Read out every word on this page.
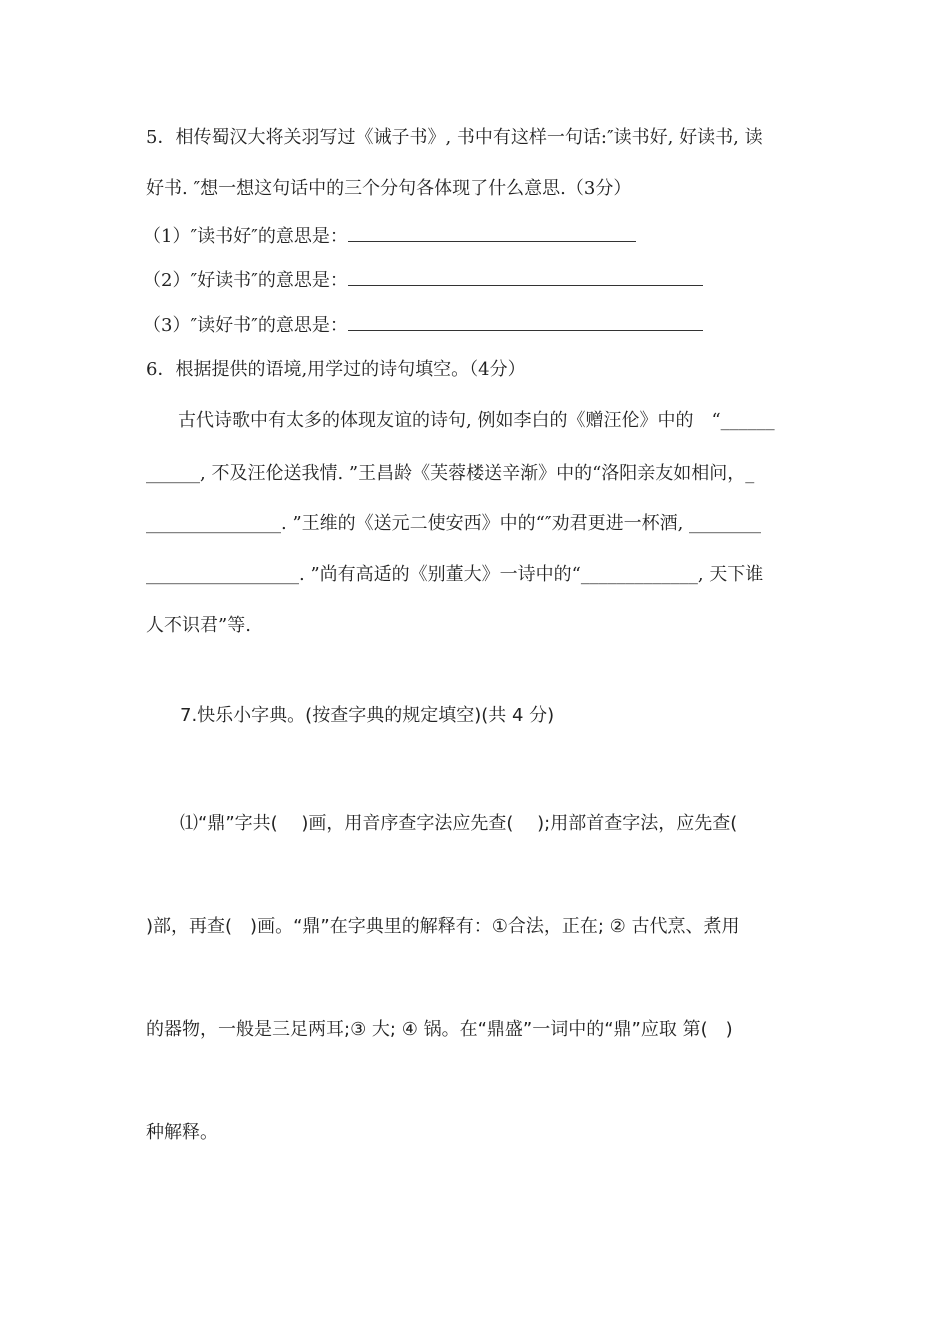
5．相传蜀汉大将关羽写过《诫子书》, 书中有这样一句话:″读书好, 好读书, 读
好书. ″想一想这句话中的三个分句各体现了什么意思.（3分）
（1）″读书好″的意思是：
（2）″好读书″的意思是：
（3）″读好书″的意思是：
6．根据提供的语境,用学过的诗句填空。（4分）
古代诗歌中有太多的体现友谊的诗句, 例如李白的《赠汪伦》中的　“______
______, 不及汪伦送我情. ”王昌龄《芙蓉楼送辛渐》中的“洛阳亲友如相问，_
_______________. ”王维的《送元二使安西》中的“″劝君更进一杯酒, ________
_________________. ”尚有高适的《别董大》一诗中的“_____________, 天下谁
人不识君”等.
7.快乐小字典。(按查字典的规定填空)(共 4 分)
⑴“鼎”字共(　 )画，用音序查字法应先查(　 );用部首查字法，应先查(
)部，再查(　)画。“鼎”在字典里的解释有：①合法，正在; ② 古代烹、煮用
的器物，一般是三足两耳;③ 大; ④ 锅。在“鼎盛”一词中的“鼎”应取 第(　)
种解释。
